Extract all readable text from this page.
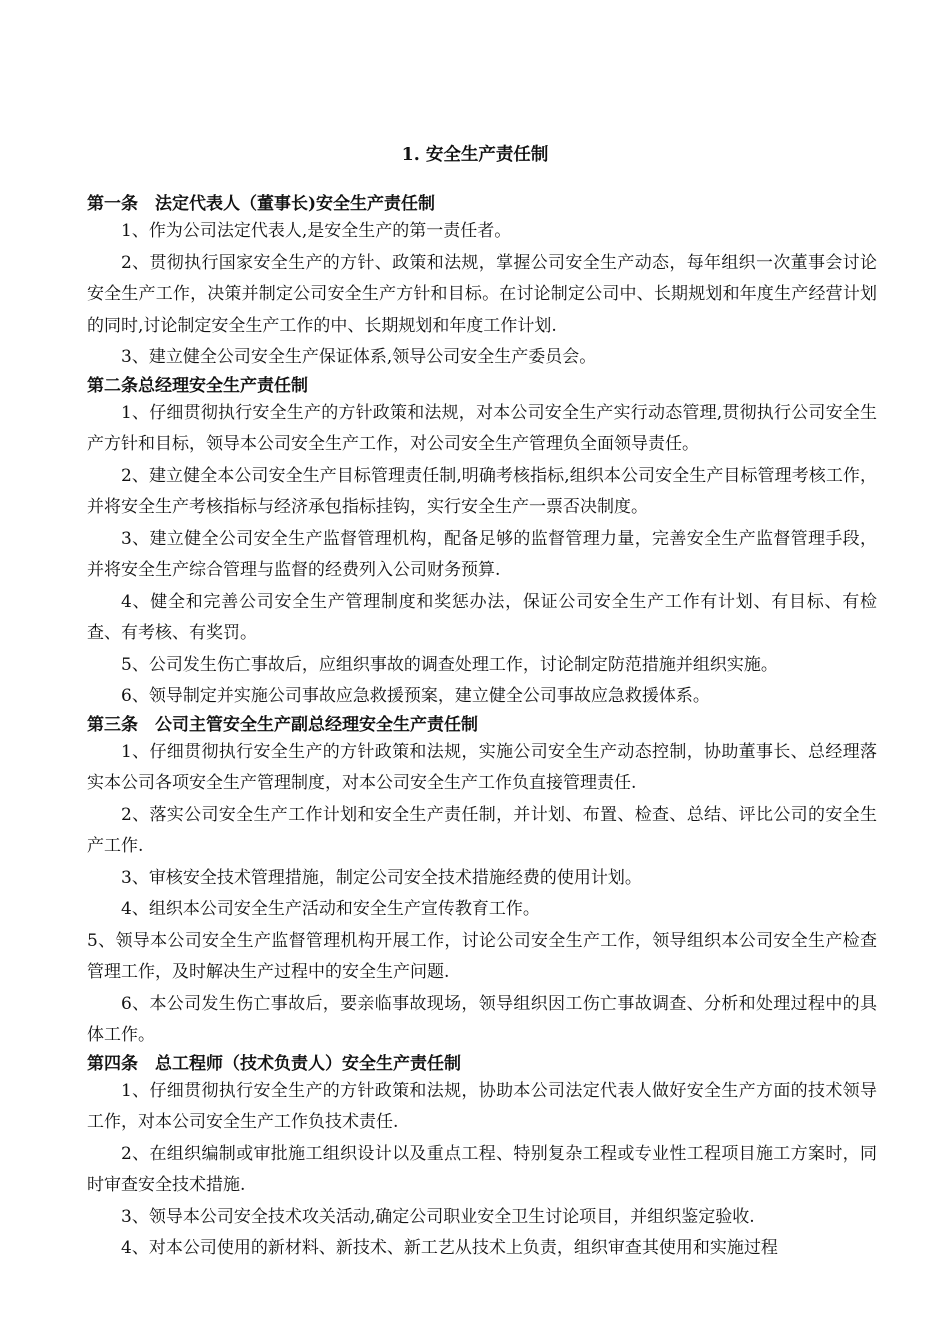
1. 安全生产责任制
第一条　法定代表人（董事长)安全生产责任制

1、作为公司法定代表人,是安全生产的第一责任者。

2、贯彻执行国家安全生产的方针、政策和法规，掌握公司安全生产动态，每年组织一次董事会讨论安全生产工作，决策并制定公司安全生产方针和目标。在讨论制定公司中、长期规划和年度生产经营计划的同时,讨论制定安全生产工作的中、长期规划和年度工作计划.

3、建立健全公司安全生产保证体系,领导公司安全生产委员会。

第二条总经理安全生产责任制

1、仔细贯彻执行安全生产的方针政策和法规，对本公司安全生产实行动态管理,贯彻执行公司安全生产方针和目标，领导本公司安全生产工作，对公司安全生产管理负全面领导责任。

2、建立健全本公司安全生产目标管理责任制,明确考核指标,组织本公司安全生产目标管理考核工作，并将安全生产考核指标与经济承包指标挂钩，实行安全生产一票否决制度。

3、建立健全公司安全生产监督管理机构，配备足够的监督管理力量，完善安全生产监督管理手段，并将安全生产综合管理与监督的经费列入公司财务预算.

4、健全和完善公司安全生产管理制度和奖惩办法，保证公司安全生产工作有计划、有目标、有检查、有考核、有奖罚。

5、公司发生伤亡事故后，应组织事故的调查处理工作，讨论制定防范措施并组织实施。

6、领导制定并实施公司事故应急救援预案，建立健全公司事故应急救援体系。

第三条　公司主管安全生产副总经理安全生产责任制

1、仔细贯彻执行安全生产的方针政策和法规，实施公司安全生产动态控制，协助董事长、总经理落实本公司各项安全生产管理制度，对本公司安全生产工作负直接管理责任.

2、落实公司安全生产工作计划和安全生产责任制，并计划、布置、检查、总结、评比公司的安全生产工作.

3、审核安全技术管理措施，制定公司安全技术措施经费的使用计划。

4、组织本公司安全生产活动和安全生产宣传教育工作。

5、领导本公司安全生产监督管理机构开展工作，讨论公司安全生产工作，领导组织本公司安全生产检查管理工作，及时解决生产过程中的安全生产问题.

6、本公司发生伤亡事故后，要亲临事故现场，领导组织因工伤亡事故调查、分析和处理过程中的具体工作。

第四条　总工程师（技术负责人）安全生产责任制

1、仔细贯彻执行安全生产的方针政策和法规，协助本公司法定代表人做好安全生产方面的技术领导工作，对本公司安全生产工作负技术责任.

2、在组织编制或审批施工组织设计以及重点工程、特别复杂工程或专业性工程项目施工方案时，同时审查安全技术措施.

3、领导本公司安全技术攻关活动,确定公司职业安全卫生讨论项目，并组织鉴定验收.

4、对本公司使用的新材料、新技术、新工艺从技术上负责，组织审查其使用和实施过程
